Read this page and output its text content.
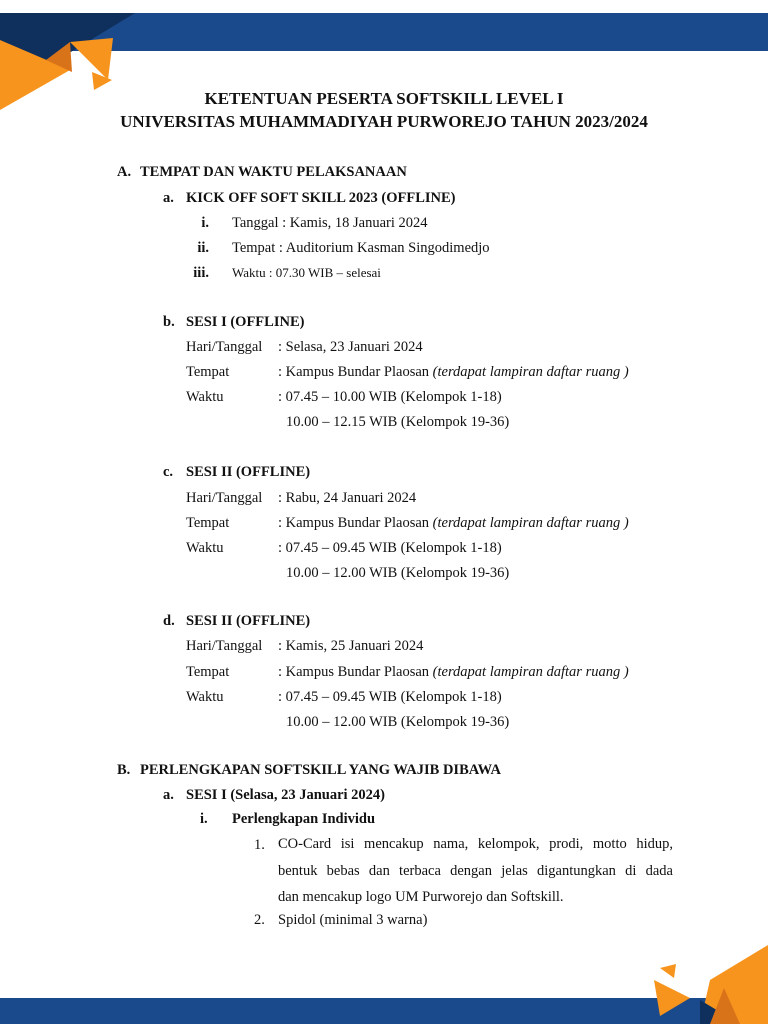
KETENTUAN PESERTA SOFTSKILL LEVEL I
UNIVERSITAS MUHAMMADIYAH PURWOREJO TAHUN 2023/2024
A. TEMPAT DAN WAKTU PELAKSANAAN
a. KICK OFF SOFT SKILL 2023 (OFFLINE)
i. Tanggal : Kamis, 18 Januari 2024
ii. Tempat : Auditorium Kasman Singodimedjo
iii. Waktu : 07.30 WIB – selesai
b. SESI I (OFFLINE)
Hari/Tanggal : Selasa, 23 Januari 2024
Tempat	: Kampus Bundar Plaosan (terdapat lampiran daftar ruang )
Waktu	: 07.45 – 10.00 WIB (Kelompok 1-18)
10.00 – 12.15 WIB (Kelompok 19-36)
c. SESI II (OFFLINE)
Hari/Tanggal : Rabu, 24 Januari 2024
Tempat	: Kampus Bundar Plaosan (terdapat lampiran daftar ruang )
Waktu	: 07.45 – 09.45 WIB (Kelompok 1-18)
10.00 – 12.00 WIB (Kelompok 19-36)
d. SESI II (OFFLINE)
Hari/Tanggal : Kamis, 25 Januari 2024
Tempat	: Kampus Bundar Plaosan (terdapat lampiran daftar ruang )
Waktu	: 07.45 – 09.45 WIB (Kelompok 1-18)
10.00 – 12.00 WIB (Kelompok 19-36)
B. PERLENGKAPAN SOFTSKILL YANG WAJIB DIBAWA
a. SESI I (Selasa, 23 Januari 2024)
i. Perlengkapan Individu
1. CO-Card isi mencakup nama, kelompok, prodi, motto hidup,
bentuk bebas dan terbaca dengan jelas digantungkan di dada
dan mencakup logo UM Purworejo dan Softskill.
2. Spidol (minimal 3 warna)
